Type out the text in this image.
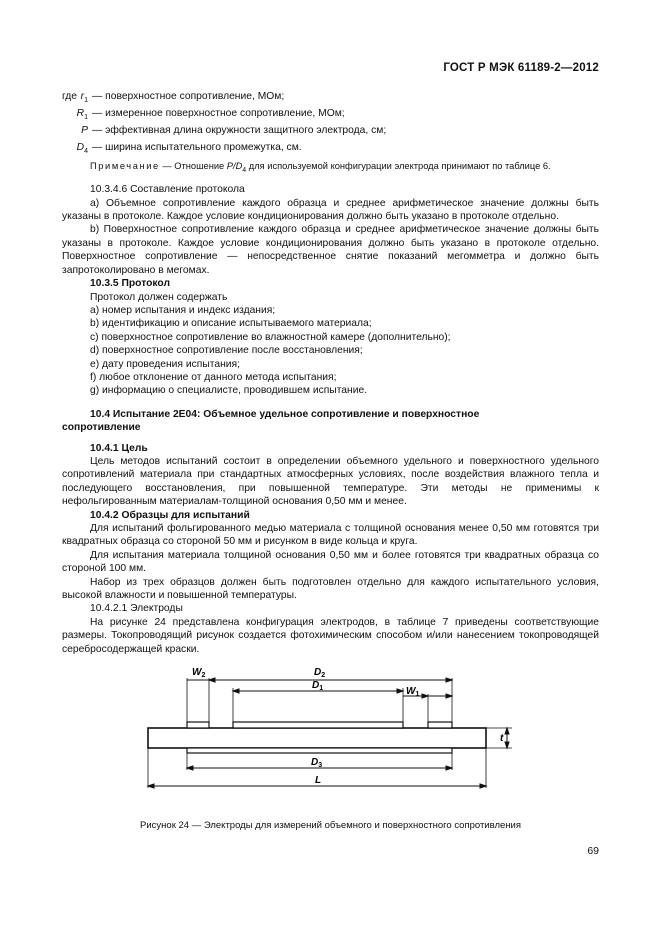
ГОСТ Р МЭК 61189-2—2012
где $r_1$ — поверхностное сопротивление, МОм;
$R_1$ — измеренное поверхностное сопротивление, МОм;
P — эффективная длина окружности защитного электрода, см;
$D_4$ — ширина испытательного промежутка, см.

Примечание — Отношение $P/D_4$ для используемой конфигурации электрода принимают по таблице 6.

10.3.4.6 Составление протокола

a) Объемное сопротивление каждого образца и среднее арифметическое значение должны быть указаны в протоколе. Каждое условие кондиционирования должно быть указано в протоколе отдельно.

b) Поверхностное сопротивление каждого образца и среднее арифметическое значение должны быть указаны в протоколе. Каждое условие кондиционирования должно быть указано в протоколе отдельно. Поверхностное сопротивление — непосредственное снятие показаний мегомметра и должно быть запротоколировано в мегомах.

10.3.5 Протокол

Протокол должен содержать

a) номер испытания и индекс издания;

b) идентификацию и описание испытываемого материала;

c) поверхностное сопротивление во влажностной камере (дополнительно);

d) поверхностное сопротивление после восстановления;

e) дату проведения испытания;

f) любое отклонение от данного метода испытания;

g) информацию о специалисте, проводившем испытание.

10.4 Испытание 2E04: Объемное удельное сопротивление и поверхностное сопротивление

10.4.1 Цель

Цель методов испытаний состоит в определении объемного удельного и поверхностного удельного сопротивлений материала при стандартных атмосферных условиях, после воздействия влажного тепла и последующего восстановления, при повышенной температуре. Эти методы не применимы к нефольгированным материалам-толщиной основания 0,50 мм и менее.

10.4.2 Образцы для испытаний

Для испытаний фольгированного медью материала с толщиной основания менее 0,50 мм готовятся три квадратных образца со стороной 50 мм и рисунком в виде кольца и круга.

Для испытания материала толщиной основания 0,50 мм и более готовятся три квадратных образца со стороной 100 мм.

Набор из трех образцов должен быть подготовлен отдельно для каждого испытательного условия, высокой влажности и повышенной температуры.

10.4.2.1 Электроды

На рисунке 24 представлена конфигурация электродов, в таблице 7 приведены соответствующие размеры. Токопроводящий рисунок создается фотохимическим способом и/или нанесением токопроводящей серебросодержащей краски.

$W_2$	$D_2$
$D_1$	$W_1$
t
$D_3$
L
Рисунок 24 — Электроды для измерений объемного и поверхностного сопротивления
69
